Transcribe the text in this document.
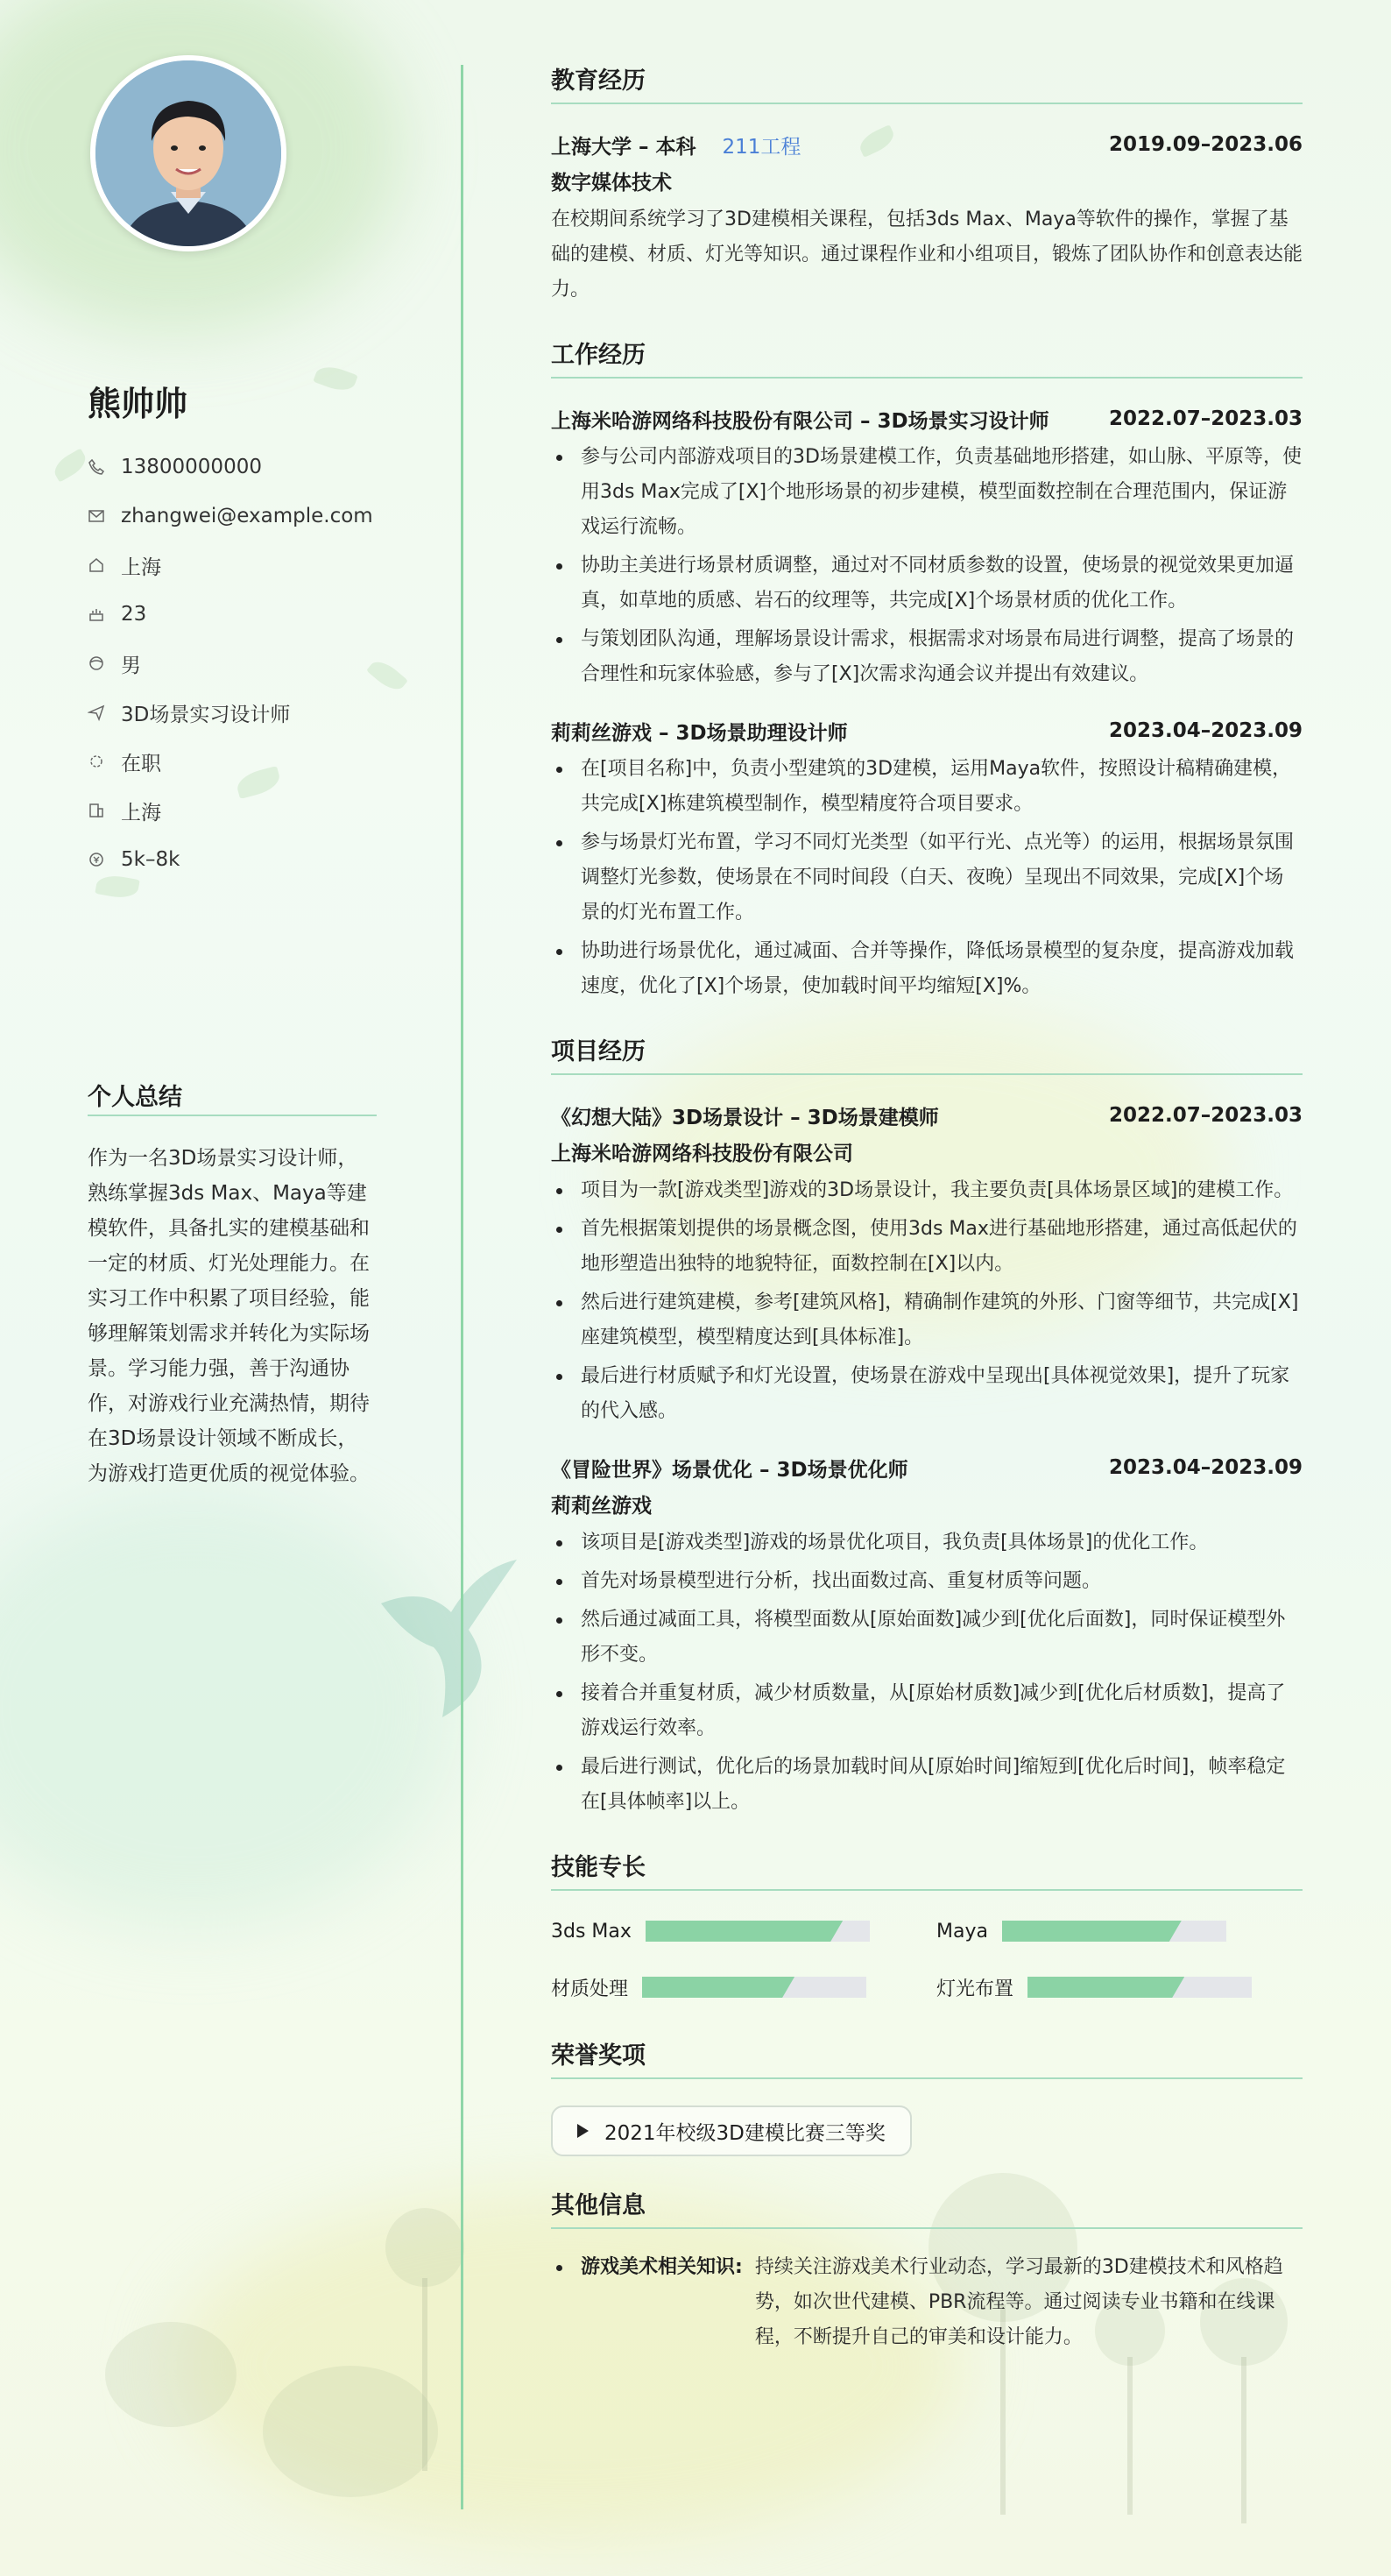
熊帅帅
13800000000
zhangwei@example.com
上海
23
男
3D场景实习设计师
在职
上海
5k–8k
个人总结
作为一名3D场景实习设计师，熟练掌握3ds Max、Maya等建模软件，具备扎实的建模基础和一定的材质、灯光处理能力。在实习工作中积累了项目经验，能够理解策划需求并转化为实际场景。学习能力强，善于沟通协作，对游戏行业充满热情，期待在3D场景设计领域不断成长，为游戏打造更优质的视觉体验。
教育经历
上海大学 – 本科 211工程	2019.09–2023.06
数字媒体技术
在校期间系统学习了3D建模相关课程，包括3ds Max、Maya等软件的操作，掌握了基础的建模、材质、灯光等知识。通过课程作业和小组项目，锻炼了团队协作和创意表达能力。
工作经历
上海米哈游网络科技股份有限公司 – 3D场景实习设计师	2022.07–2023.03
参与公司内部游戏项目的3D场景建模工作，负责基础地形搭建，如山脉、平原等，使用3ds Max完成了[X]个地形场景的初步建模，模型面数控制在合理范围内，保证游戏运行流畅。
协助主美进行场景材质调整，通过对不同材质参数的设置，使场景的视觉效果更加逼真，如草地的质感、岩石的纹理等，共完成[X]个场景材质的优化工作。
与策划团队沟通，理解场景设计需求，根据需求对场景布局进行调整，提高了场景的合理性和玩家体验感，参与了[X]次需求沟通会议并提出有效建议。
莉莉丝游戏 – 3D场景助理设计师	2023.04–2023.09
在[项目名称]中，负责小型建筑的3D建模，运用Maya软件，按照设计稿精确建模，共完成[X]栋建筑模型制作，模型精度符合项目要求。
参与场景灯光布置，学习不同灯光类型（如平行光、点光等）的运用，根据场景氛围调整灯光参数，使场景在不同时间段（白天、夜晚）呈现出不同效果，完成[X]个场景的灯光布置工作。
协助进行场景优化，通过减面、合并等操作，降低场景模型的复杂度，提高游戏加载速度，优化了[X]个场景，使加载时间平均缩短[X]%。
项目经历
《幻想大陆》3D场景设计 – 3D场景建模师	2022.07–2023.03
上海米哈游网络科技股份有限公司
项目为一款[游戏类型]游戏的3D场景设计，我主要负责[具体场景区域]的建模工作。
首先根据策划提供的场景概念图，使用3ds Max进行基础地形搭建，通过高低起伏的地形塑造出独特的地貌特征，面数控制在[X]以内。
然后进行建筑建模，参考[建筑风格]，精确制作建筑的外形、门窗等细节，共完成[X]座建筑模型，模型精度达到[具体标准]。
最后进行材质赋予和灯光设置，使场景在游戏中呈现出[具体视觉效果]，提升了玩家的代入感。
《冒险世界》场景优化 – 3D场景优化师	2023.04–2023.09
莉莉丝游戏
该项目是[游戏类型]游戏的场景优化项目，我负责[具体场景]的优化工作。
首先对场景模型进行分析，找出面数过高、重复材质等问题。
然后通过减面工具，将模型面数从[原始面数]减少到[优化后面数]，同时保证模型外形不变。
接着合并重复材质，减少材质数量，从[原始材质数]减少到[优化后材质数]，提高了游戏运行效率。
最后进行测试，优化后的场景加载时间从[原始时间]缩短到[优化后时间]，帧率稳定在[具体帧率]以上。
技能专长
3ds Max	Maya
材质处理	灯光布置
荣誉奖项
2021年校级3D建模比赛三等奖
其他信息
游戏美术相关知识: 持续关注游戏美术行业动态，学习最新的3D建模技术和风格趋势，如次世代建模、PBR流程等。通过阅读专业书籍和在线课程，不断提升自己的审美和设计能力。
